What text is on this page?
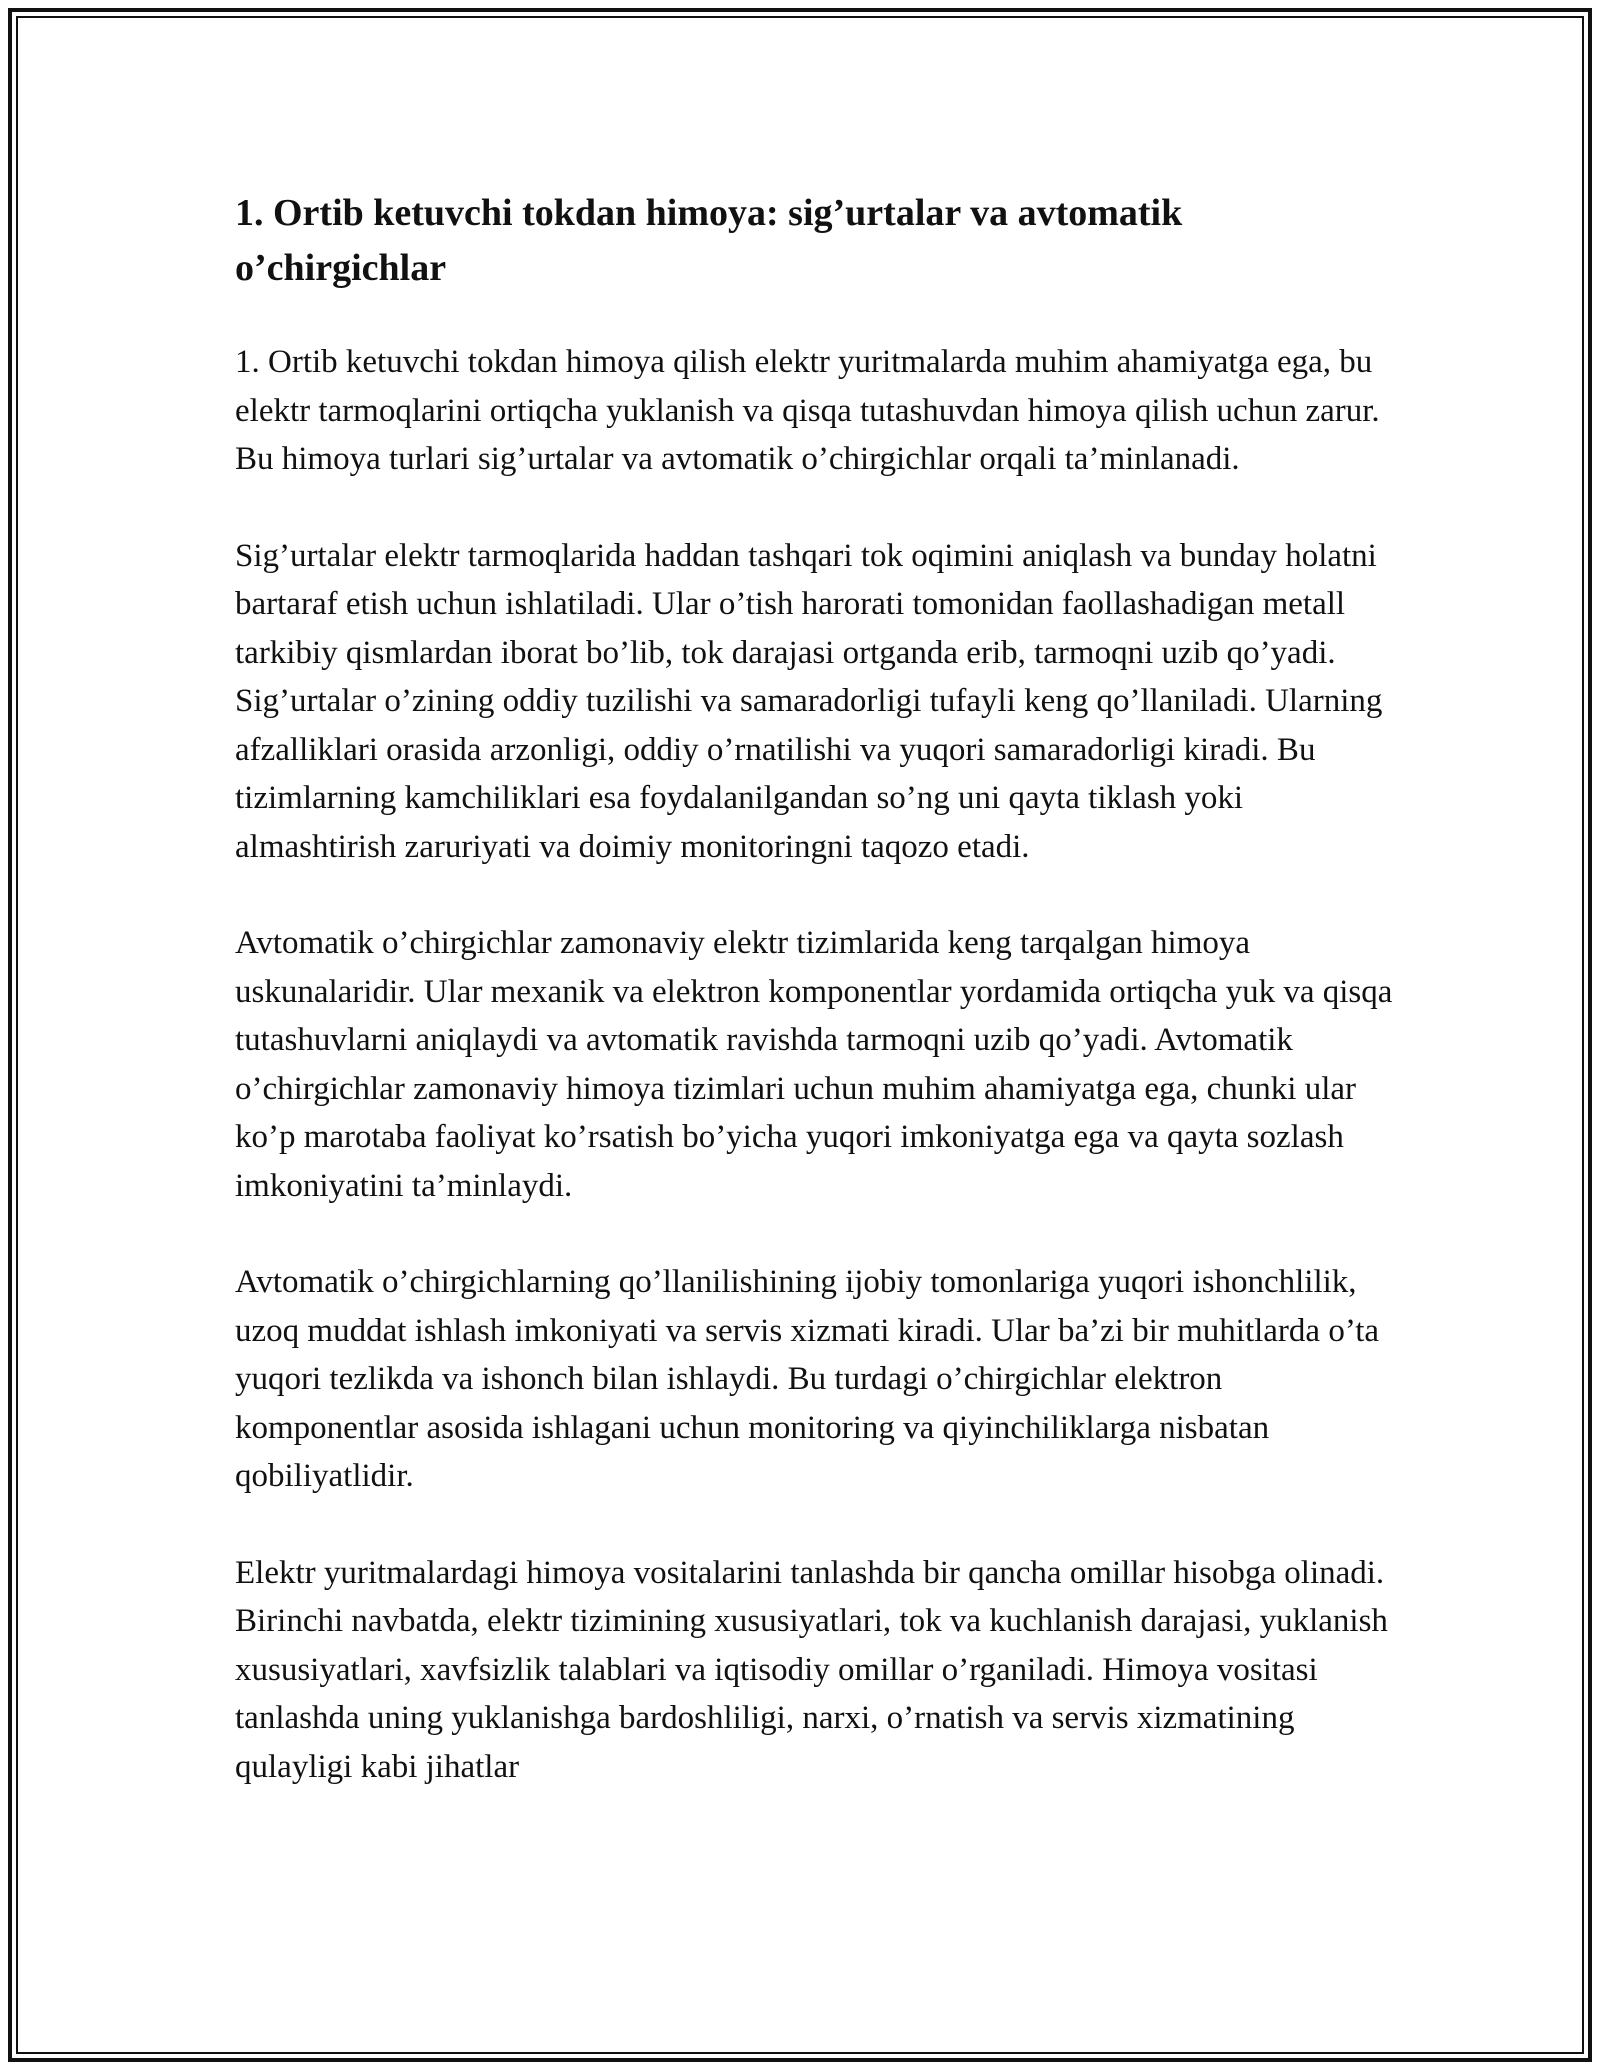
1. Ortib ketuvchi tokdan himoya: sig’urtalar va avtomatik o’chirgichlar

1. Ortib ketuvchi tokdan himoya qilish elektr yuritmalarda muhim ahamiyatga ega, bu elektr tarmoqlarini ortiqcha yuklanish va qisqa tutashuvdan himoya qilish uchun zarur. Bu himoya turlari sig’urtalar va avtomatik o’chirgichlar orqali ta’minlanadi.

Sig’urtalar elektr tarmoqlarida haddan tashqari tok oqimini aniqlash va bunday holatni bartaraf etish uchun ishlatiladi. Ular o’tish harorati tomonidan faollashadigan metall tarkibiy qismlardan iborat bo’lib, tok darajasi ortganda erib, tarmoqni uzib qo’yadi. Sig’urtalar o’zining oddiy tuzilishi va samaradorligi tufayli keng qo’llaniladi. Ularning afzalliklari orasida arzonligi, oddiy o’rnatilishi va yuqori samaradorligi kiradi. Bu tizimlarning kamchiliklari esa foydalanilgandan so’ng uni qayta tiklash yoki almashtirish zaruriyati va doimiy monitoringni taqozo etadi.

Avtomatik o’chirgichlar zamonaviy elektr tizimlarida keng tarqalgan himoya uskunalaridir. Ular mexanik va elektron komponentlar yordamida ortiqcha yuk va qisqa tutashuvlarni aniqlaydi va avtomatik ravishda tarmoqni uzib qo’yadi. Avtomatik o’chirgichlar zamonaviy himoya tizimlari uchun muhim ahamiyatga ega, chunki ular ko’p marotaba faoliyat ko’rsatish bo’yicha yuqori imkoniyatga ega va qayta sozlash imkoniyatini ta’minlaydi.

Avtomatik o’chirgichlarning qo’llanilishining ijobiy tomonlariga yuqori ishonchlilik, uzoq muddat ishlash imkoniyati va servis xizmati kiradi. Ular ba’zi bir muhitlarda o’ta yuqori tezlikda va ishonch bilan ishlaydi. Bu turdagi o’chirgichlar elektron komponentlar asosida ishlagani uchun monitoring va qiyinchiliklarga nisbatan qobiliyatlidir.

Elektr yuritmalardagi himoya vositalarini tanlashda bir qancha omillar hisobga olinadi. Birinchi navbatda, elektr tizimining xususiyatlari, tok va kuchlanish darajasi, yuklanish xususiyatlari, xavfsizlik talablari va iqtisodiy omillar o’rganiladi. Himoya vositasi tanlashda uning yuklanishga bardoshliligi, narxi, o’rnatish va servis xizmatining qulayligi kabi jihatlar
